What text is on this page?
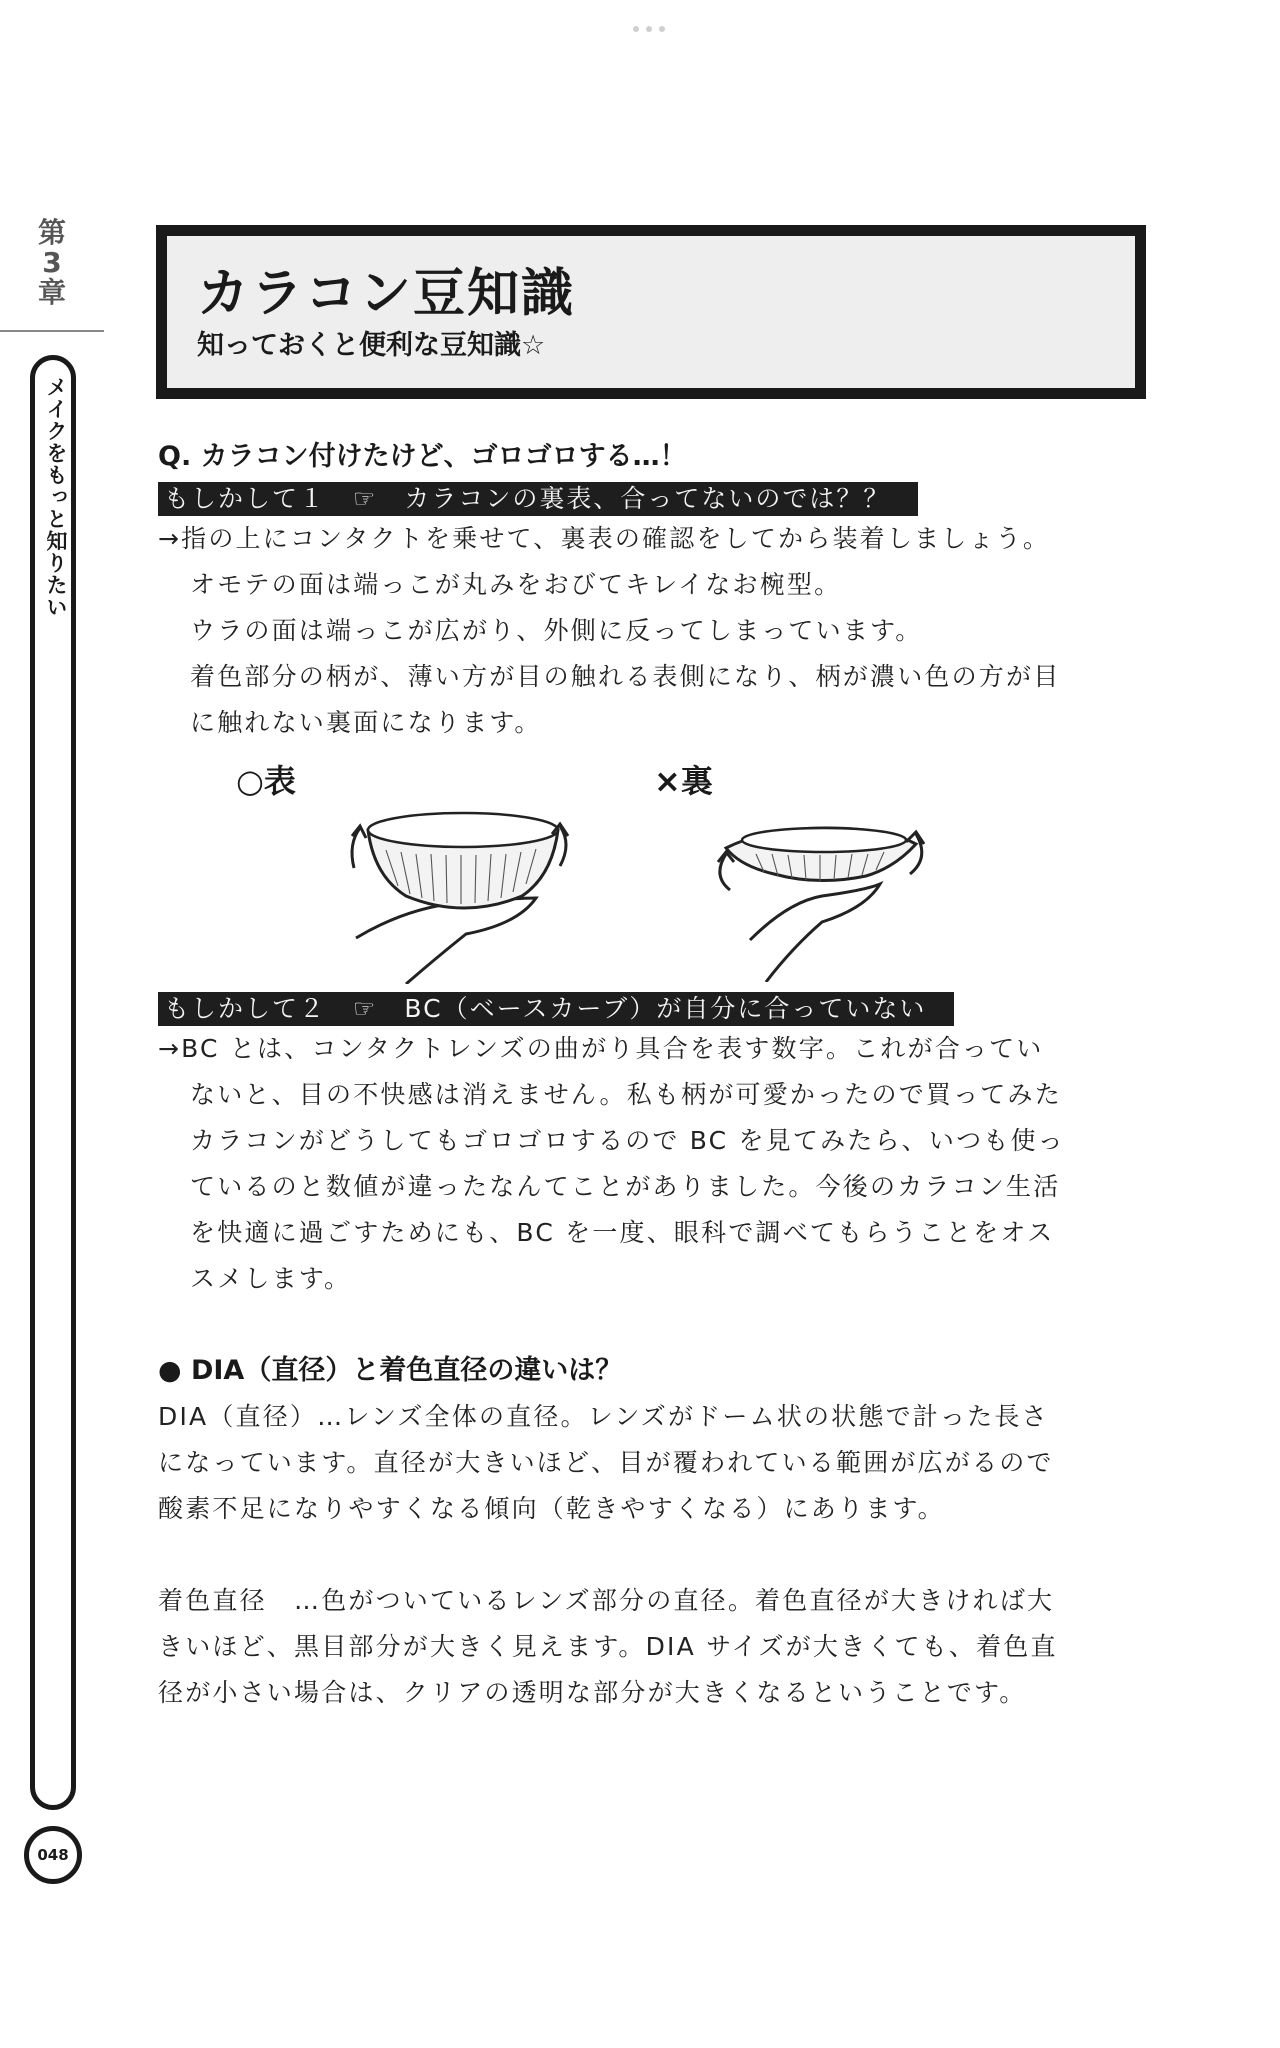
第
3
章
メイクをもっと知りたい
048
カラコン豆知識
知っておくと便利な豆知識☆
Q. カラコン付けたけど、ゴロゴロする…！
もしかして１　☞　カラコンの裏表、合ってないのでは？？
→指の上にコンタクトを乗せて、裏表の確認をしてから装着しましょう。
オモテの面は端っこが丸みをおびてキレイなお椀型。
ウラの面は端っこが広がり、外側に反ってしまっています。
着色部分の柄が、薄い方が目の触れる表側になり、柄が濃い色の方が目
に触れない裏面になります。
○表	×裏
もしかして２　☞　BC（ベースカーブ）が自分に合っていない
→BC とは、コンタクトレンズの曲がり具合を表す数字。これが合ってい
ないと、目の不快感は消えません。私も柄が可愛かったので買ってみた
カラコンがどうしてもゴロゴロするので BC を見てみたら、いつも使っ
ているのと数値が違ったなんてことがありました。今後のカラコン生活
を快適に過ごすためにも、BC を一度、眼科で調べてもらうことをオス
スメします。
● DIA（直径）と着色直径の違いは？
DIA（直径）…レンズ全体の直径。レンズがドーム状の状態で計った長さ
になっています。直径が大きいほど、目が覆われている範囲が広がるので
酸素不足になりやすくなる傾向（乾きやすくなる）にあります。
着色直径　…色がついているレンズ部分の直径。着色直径が大きければ大
きいほど、黒目部分が大きく見えます。DIA サイズが大きくても、着色直
径が小さい場合は、クリアの透明な部分が大きくなるということです。
